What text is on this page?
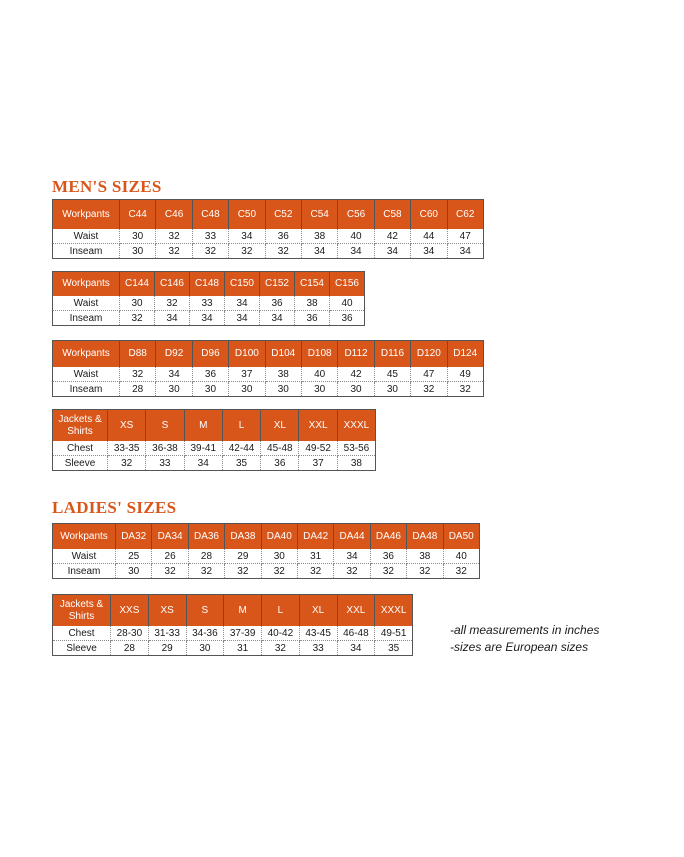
MEN'S SIZES
Workpants	C44	C46	C48	C50	C52	C54	C56	C58	C60	C62
Waist	30	32	33	34	36	38	40	42	44	47
Inseam	30	32	32	32	32	34	34	34	34	34
Workpants	C144	C146	C148	C150	C152	C154	C156
Waist	30	32	33	34	36	38	40
Inseam	32	34	34	34	34	36	36
Workpants	D88	D92	D96	D100	D104	D108	D112	D116	D120	D124
Waist	32	34	36	37	38	40	42	45	47	49
Inseam	28	30	30	30	30	30	30	30	32	32
Jackets & Shirts	XS	S	M	L	XL	XXL	XXXL
Chest	33-35	36-38	39-41	42-44	45-48	49-52	53-56
Sleeve	32	33	34	35	36	37	38
LADIES' SIZES
Workpants	DA32	DA34	DA36	DA38	DA40	DA42	DA44	DA46	DA48	DA50
Waist	25	26	28	29	30	31	34	36	38	40
Inseam	30	32	32	32	32	32	32	32	32	32
Jackets & Shirts	XXS	XS	S	M	L	XL	XXL	XXXL
Chest	28-30	31-33	34-36	37-39	40-42	43-45	46-48	49-51
Sleeve	28	29	30	31	32	33	34	35

-all measurements in inches

-sizes are European sizes
